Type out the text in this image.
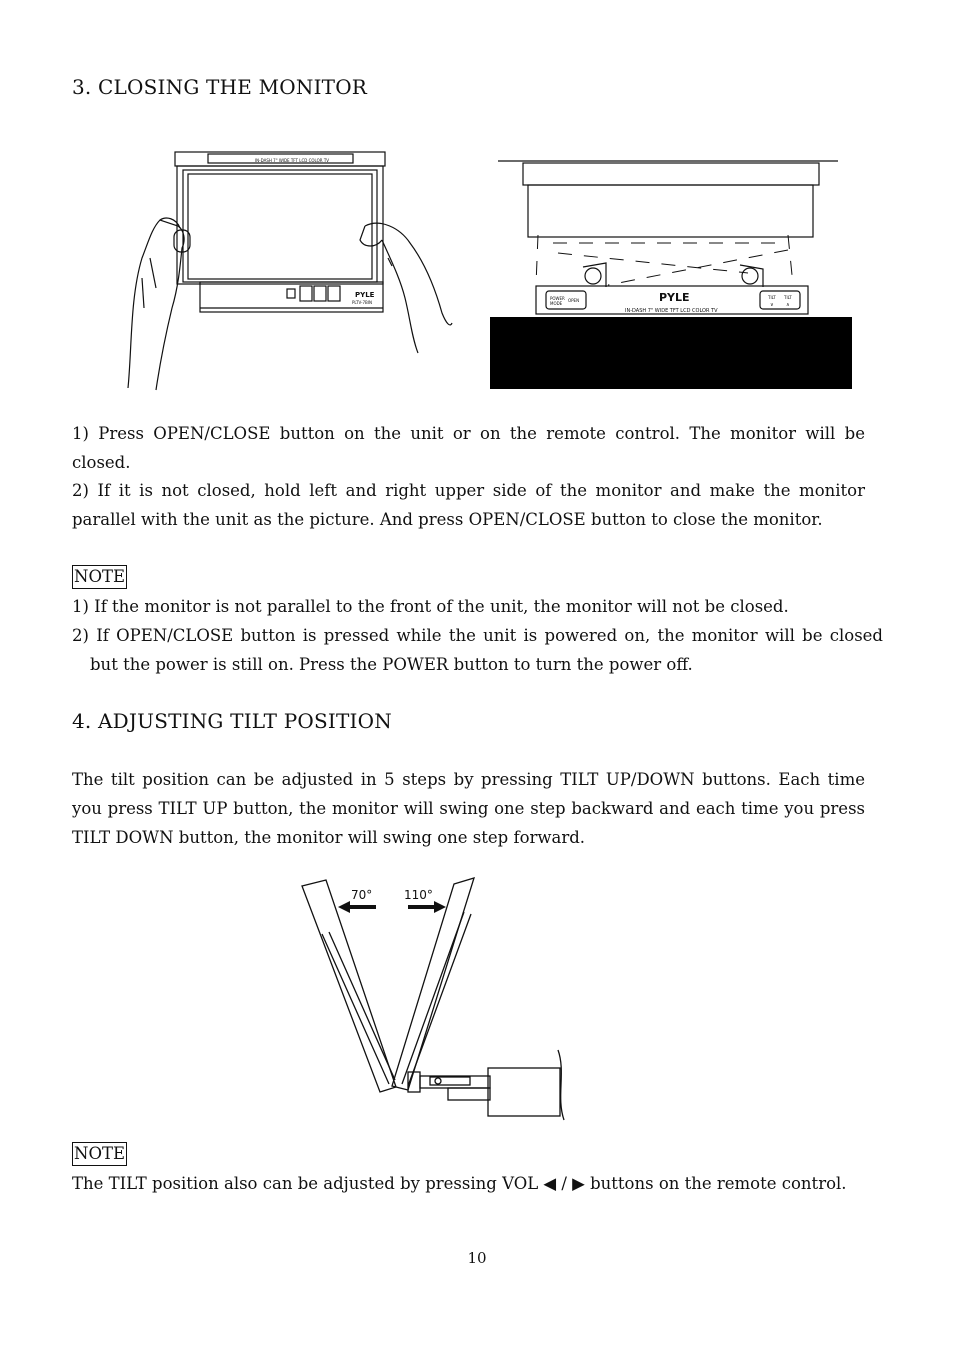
3. CLOSING THE MONITOR
IN-DASH 7" WIDE TFT LCD COLOR TV
PYLE
PLTV-7BIN
POWER
MODE
OPEN	PYLE
IN-DASH 7" WIDE TFT LCD COLOR TV
TILT TILT
∨ ∧
1) Press OPEN/CLOSE button on the unit or on the remote control. The monitor will be closed.
2) If it is not closed, hold left and right upper side of the monitor and make the monitor parallel with the unit as the picture. And press OPEN/CLOSE button to close the monitor.
NOTE
1) If the monitor is not parallel to the front of the unit, the monitor will not be closed.
2) If OPEN/CLOSE button is pressed while the unit is powered on, the monitor will be closed but the power is still on. Press the POWER button to turn the power off.
4. ADJUSTING TILT POSITION
The tilt position can be adjusted in 5 steps by pressing TILT UP/DOWN buttons. Each time you press TILT UP button, the monitor will swing one step backward and each time you press TILT DOWN button, the monitor will swing one step forward.
70°	110°
NOTE
The TILT position also can be adjusted by pressing VOL ◀ / ▶ buttons on the remote control.
10
